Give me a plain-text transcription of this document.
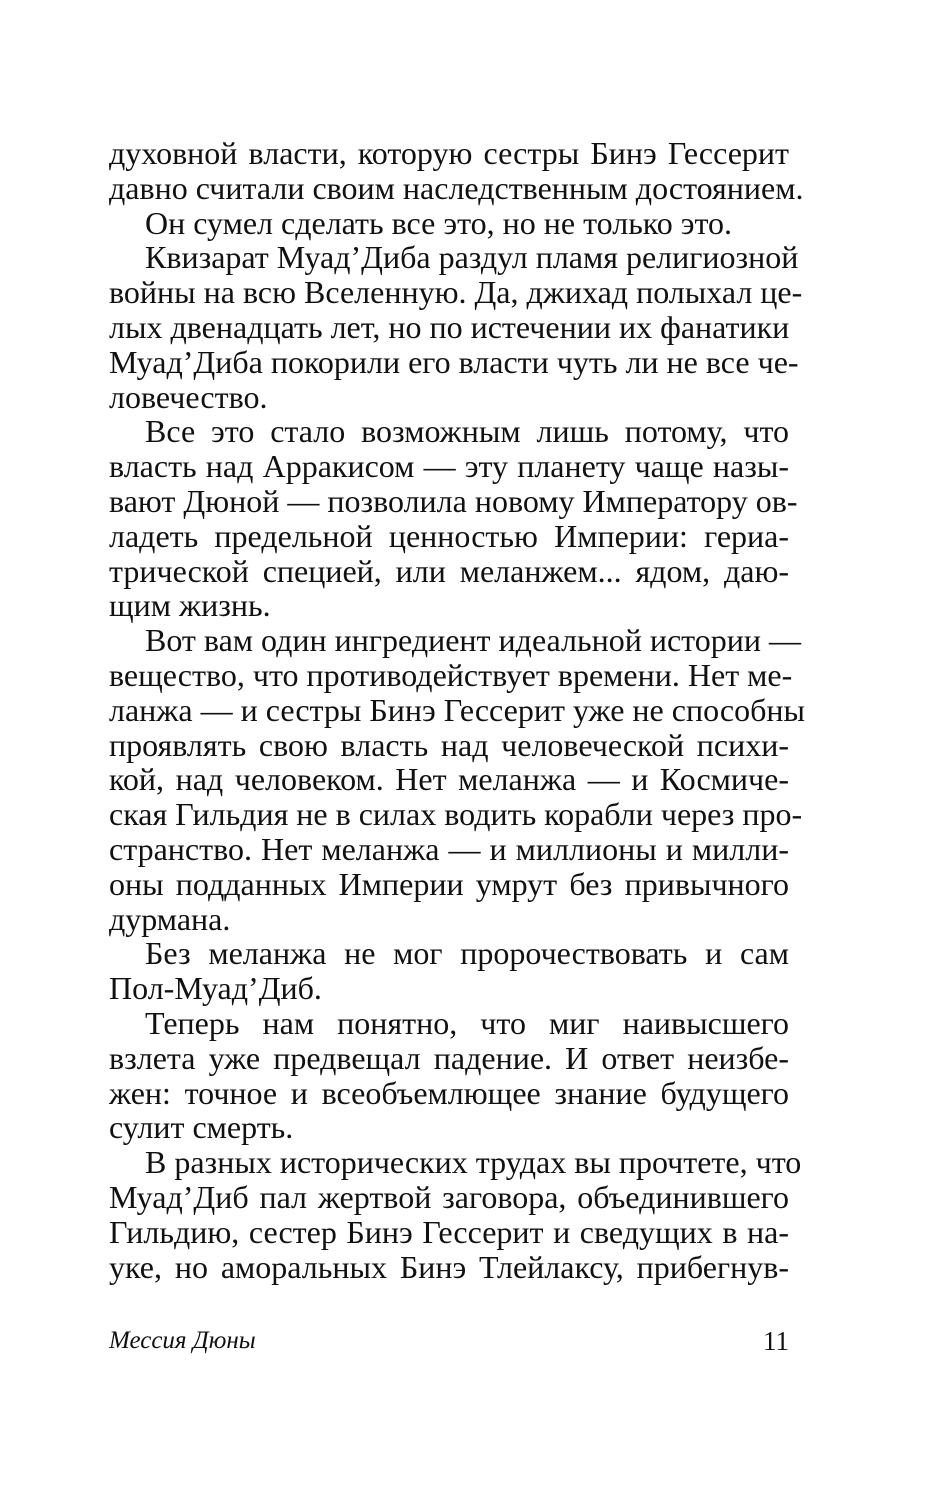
духовной власти, которую сестры Бинэ Гессерит
давно считали своим наследственным достоянием.
Он сумел сделать все это, но не только это.
Квизарат Муад’Диба раздул пламя религиозной
войны на всю Вселенную. Да, джихад полыхал це-
лых двенадцать лет, но по истечении их фанатики
Муад’Диба покорили его власти чуть ли не все че-
ловечество.
Все это стало возможным лишь потому, что
власть над Арракисом — эту планету чаще назы-
вают Дюной — позволила новому Императору ов-
ладеть предельной ценностью Империи: гериа-
трической специей, или меланжем... ядом, даю-
щим жизнь.
Вот вам один ингредиент идеальной истории —
вещество, что противодействует времени. Нет ме-
ланжа — и сестры Бинэ Гессерит уже не способны
проявлять свою власть над человеческой психи-
кой, над человеком. Нет меланжа — и Космиче-
ская Гильдия не в силах водить корабли через про-
странство. Нет меланжа — и миллионы и милли-
оны подданных Империи умрут без привычного
дурмана.
Без меланжа не мог пророчествовать и сам
Пол-Муад’Диб.
Теперь нам понятно, что миг наивысшего
взлета уже предвещал падение. И ответ неизбе-
жен: точное и всеобъемлющее знание будущего
сулит смерть.
В разных исторических трудах вы прочтете, что
Муад’Диб пал жертвой заговора, объединившего
Гильдию, сестер Бинэ Гессерит и сведущих в на-
уке, но аморальных Бинэ Тлейлаксу, прибегнув-
Мессия Дюны	11
